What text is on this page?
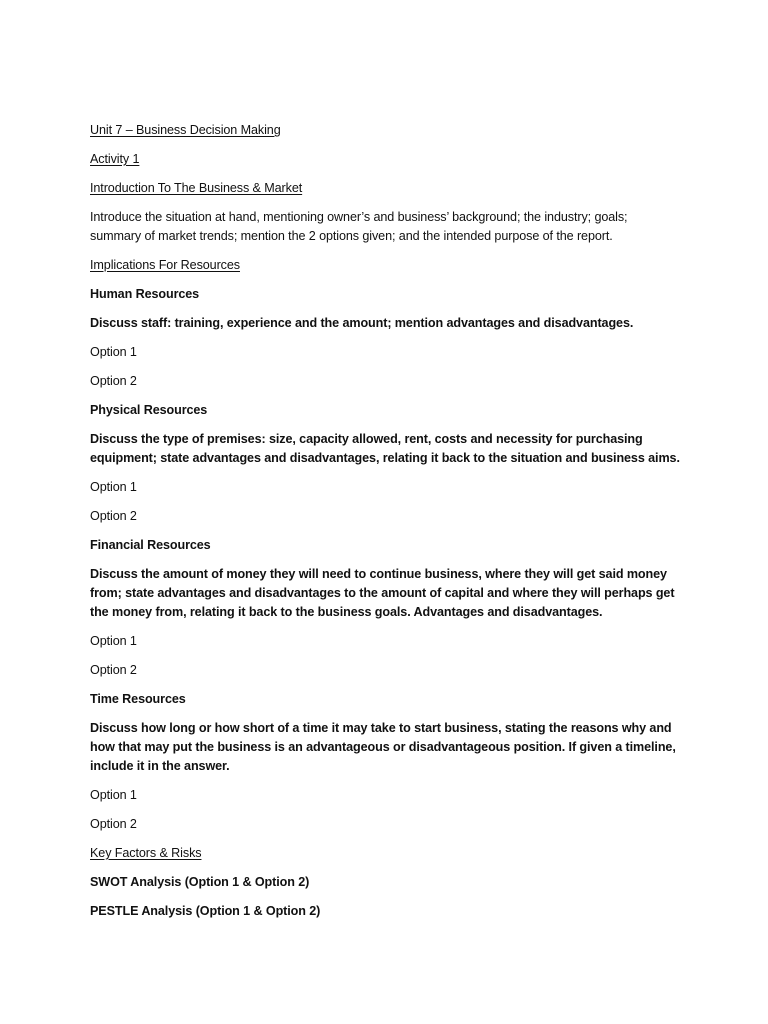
Unit 7 – Business Decision Making

Activity 1

Introduction To The Business & Market

Introduce the situation at hand, mentioning owner’s and business’ background; the industry; goals;
summary of market trends; mention the 2 options given; and the intended purpose of the report.

Implications For Resources

Human Resources

Discuss staff: training, experience and the amount; mention advantages and disadvantages.

Option 1

Option 2

Physical Resources

Discuss the type of premises: size, capacity allowed, rent, costs and necessity for purchasing
equipment; state advantages and disadvantages, relating it back to the situation and business aims.

Option 1

Option 2

Financial Resources

Discuss the amount of money they will need to continue business, where they will get said money
from; state advantages and disadvantages to the amount of capital and where they will perhaps get
the money from, relating it back to the business goals. Advantages and disadvantages.

Option 1

Option 2

Time Resources

Discuss how long or how short of a time it may take to start business, stating the reasons why and
how that may put the business is an advantageous or disadvantageous position. If given a timeline,
include it in the answer.

Option 1

Option 2

Key Factors & Risks

SWOT Analysis (Option 1 & Option 2)

PESTLE Analysis (Option 1 & Option 2)
